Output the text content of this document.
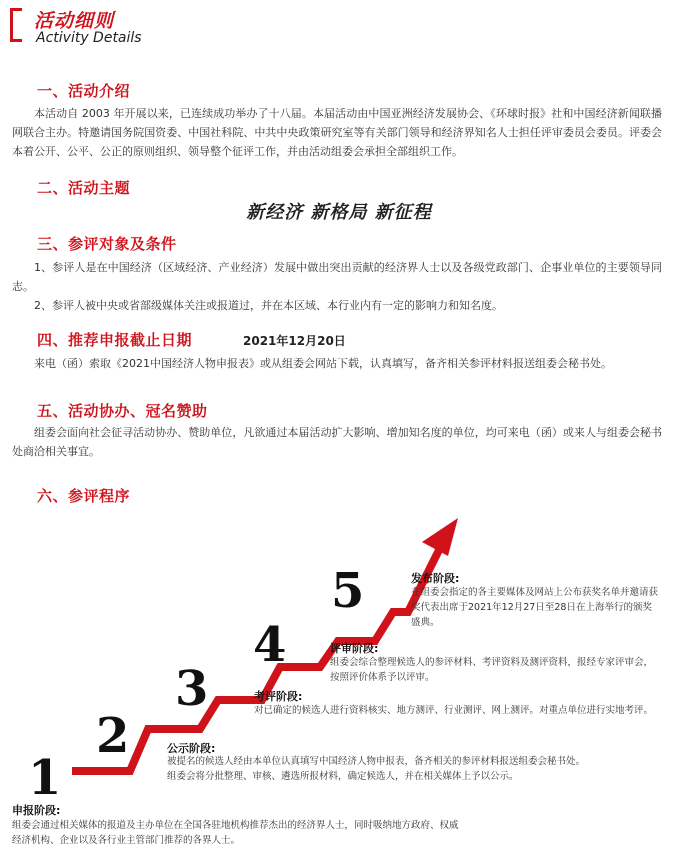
活动细则
Activity Details
一、活动介绍
本活动自 2003 年开展以来，已连续成功举办了十八届。本届活动由中国亚洲经济发展协会、《环球时报》社和中国经济新闻联播网联合主办。特邀请国务院国资委、中国社科院、中共中央政策研究室等有关部门领导和经济界知名人士担任评审委员会委员。评委会本着公开、公平、公正的原则组织、领导整个征评工作，并由活动组委会承担全部组织工作。
二、活动主题
新经济 新格局 新征程
三、参评对象及条件
1、参评人是在中国经济（区域经济、产业经济）发展中做出突出贡献的经济界人士以及各级党政部门、企事业单位的主要领导同志。
2、参评人被中央或省部级媒体关注或报道过，并在本区域、本行业内有一定的影响力和知名度。
四、推荐申报截止日期	2021年12月20日
来电（函）索取《2021中国经济人物申报表》或从组委会网站下载，认真填写，备齐相关参评材料报送组委会秘书处。
五、活动协办、冠名赞助
组委会面向社会征寻活动协办、赞助单位，凡欲通过本届活动扩大影响、增加知名度的单位，均可来电（函）或来人与组委会秘书处商洽相关事宜。
六、参评程序
1
2
3
4
5	发布阶段:
在组委会指定的各主要媒体及网站上公布获奖名单并邀请获奖代表出席于2021年12月27日至28日在上海举行的颁奖盛典。
评审阶段:
组委会综合整理候选人的参评材料、考评资料及测评资料，报经专家评审会，按照评价体系予以评审。
考评阶段:
对已确定的候选人进行资料核实、地方测评、行业测评、网上测评。对重点单位进行实地考评。
公示阶段:
被提名的候选人经由本单位认真填写中国经济人物申报表，备齐相关的参评材料报送组委会秘书处。组委会将分批整理、审核、遴选所报材料，确定候选人，并在相关媒体上予以公示。
申报阶段:
组委会通过相关媒体的报道及主办单位在全国各驻地机构推荐杰出的经济界人士，同时吸纳地方政府、权威经济机构、企业以及各行业主管部门推荐的各界人士。
